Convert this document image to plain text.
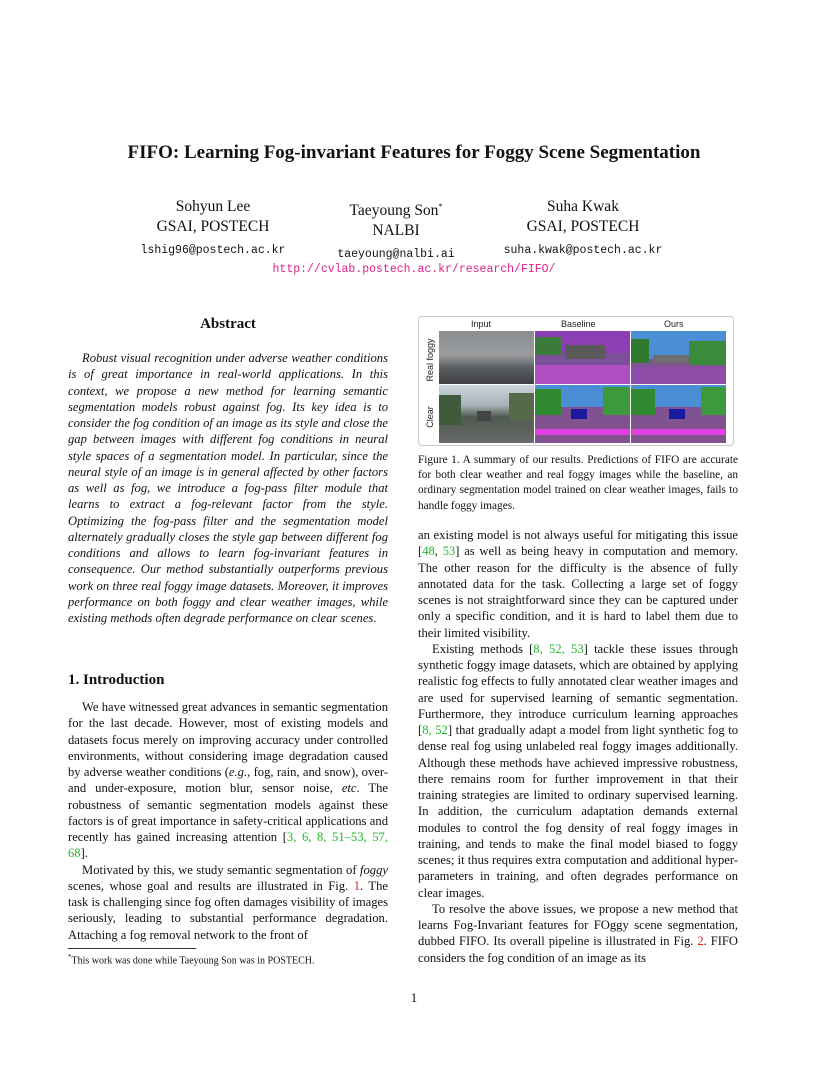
FIFO: Learning Fog-invariant Features for Foggy Scene Segmentation
Sohyun Lee
GSAI, POSTECH
lshig96@postech.ac.kr
Taeyoung Son*
NALBI
taeyoung@nalbi.ai
Suha Kwak
GSAI, POSTECH
suha.kwak@postech.ac.kr
http://cvlab.postech.ac.kr/research/FIFO/
Abstract

Robust visual recognition under adverse weather conditions is of great importance in real-world applications. In this context, we propose a new method for learning semantic segmentation models robust against fog. Its key idea is to consider the fog condition of an image as its style and close the gap between images with different fog conditions in neural style spaces of a segmentation model. In particular, since the neural style of an image is in general affected by other factors as well as fog, we introduce a fog-pass filter module that learns to extract a fog-relevant factor from the style. Optimizing the fog-pass filter and the segmentation model alternately gradually closes the style gap between different fog conditions and allows to learn fog-invariant features in consequence. Our method substantially outperforms previous work on three real foggy image datasets. Moreover, it improves performance on both foggy and clear weather images, while existing methods often degrade performance on clear scenes.

1. Introduction

We have witnessed great advances in semantic segmentation for the last decade. However, most of existing models and datasets focus merely on improving accuracy under controlled environments, without considering image degradation caused by adverse weather conditions (e.g., fog, rain, and snow), over- and under-exposure, motion blur, sensor noise, etc. The robustness of semantic segmentation models against these factors is of great importance in safety-critical applications and recently has gained increasing attention [3, 6, 8, 51–53, 57, 68].

Motivated by this, we study semantic segmentation of foggy scenes, whose goal and results are illustrated in Fig. 1. The task is challenging since fog often damages visibility of images seriously, leading to substantial performance degradation. Attaching a fog removal network to the front of

Input	Baseline	Ours
Real foggy
Clear
Figure 1. A summary of our results. Predictions of FIFO are accurate for both clear weather and real foggy images while the baseline, an ordinary segmentation model trained on clear weather images, fails to handle foggy images.

an existing model is not always useful for mitigating this issue [48, 53] as well as being heavy in computation and memory. The other reason for the difficulty is the absence of fully annotated data for the task. Collecting a large set of foggy scenes is not straightforward since they can be captured under only a specific condition, and it is hard to label them due to their limited visibility.

Existing methods [8, 52, 53] tackle these issues through synthetic foggy image datasets, which are obtained by applying realistic fog effects to fully annotated clear weather images and are used for supervised learning of semantic segmentation. Furthermore, they introduce curriculum learning approaches [8, 52] that gradually adapt a model from light synthetic fog to dense real fog using unlabeled real foggy images additionally. Although these methods have achieved impressive robustness, there remains room for further improvement in that their training strategies are limited to ordinary supervised learning. In addition, the curriculum adaptation demands external modules to control the fog density of real foggy images in training, and tends to make the final model biased to foggy scenes; it thus requires extra computation and additional hyper-parameters in training, and often degrades performance on clear images.

To resolve the above issues, we propose a new method that learns Fog-Invariant features for FOggy scene segmentation, dubbed FIFO. Its overall pipeline is illustrated in Fig. 2. FIFO considers the fog condition of an image as its

*This work was done while Taeyoung Son was in POSTECH.
1
